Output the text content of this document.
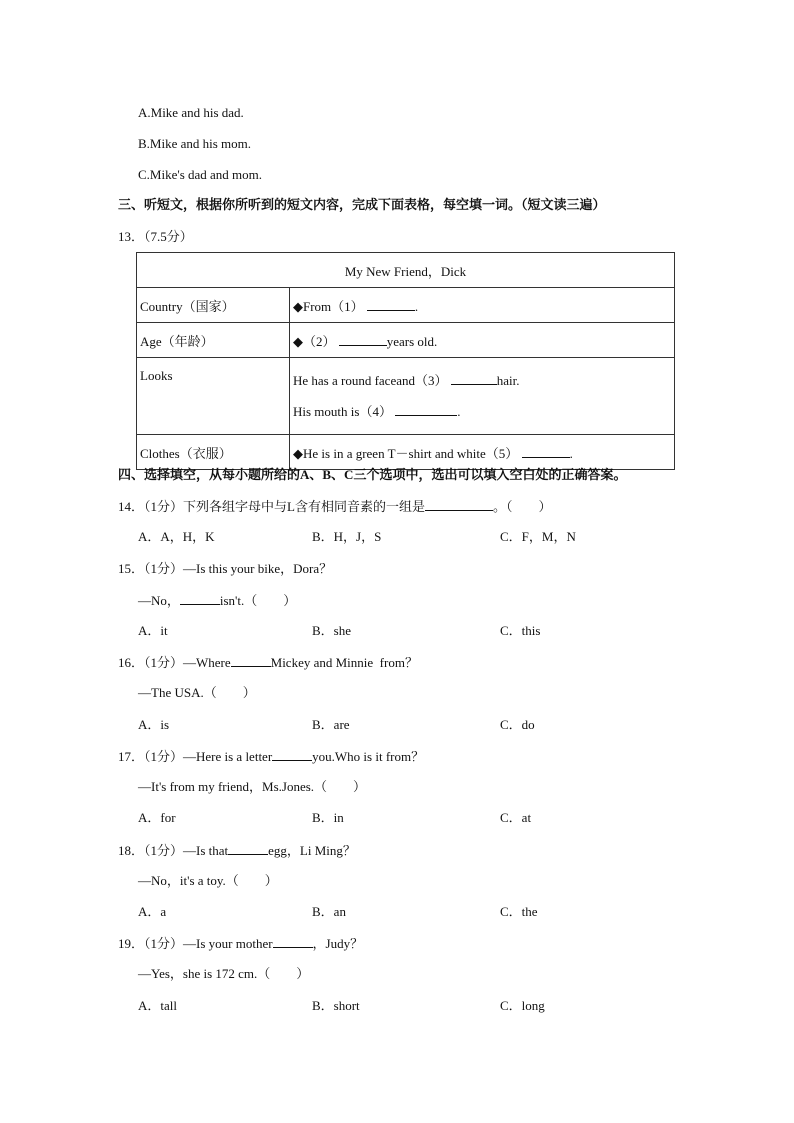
A.Mike and his dad.
B.Mike and his mom.
C.Mike's dad and mom.
三、听短文，根据你所听到的短文内容，完成下面表格，每空填一词。（短文读三遍）
13．（7.5分）
My New Friend，Dick	
Country（国家）	◆From（1） .
Age（年龄）	◆（2） years old.
Looks	He has a round faceand（3） hair.
His mouth is（4） .

Clothes（衣服）	◆He is in a green T－shirt and white（5） .
四、选择填空，从每小题所给的A、B、C三个选项中，选出可以填入空白处的正确答案。
14．（1分）下列各组字母中与L含有相同音素的一组是	。（　　）
A．A，H，K	B．H，J，S	C．F，M，N
15．（1分）—Is this your bike，Dora？
—No，	isn't.（　　）
A．it	B．she	C．this
16．（1分）—Where	Mickey and Minnie  from？
—The USA.（　　）
A．is	B．are	C．do
17．（1分）—Here is a letter	you.Who is it from？
—It's from my friend，Ms.Jones.（　　）
A．for	B．in	C．at
18．（1分）—Is that	egg，Li Ming？
—No，it's a toy.（　　）
A．a	B．an	C．the
19．（1分）—Is your mother	，Judy？
—Yes，she is 172 cm.（　　）
A．tall	B．short	C．long
